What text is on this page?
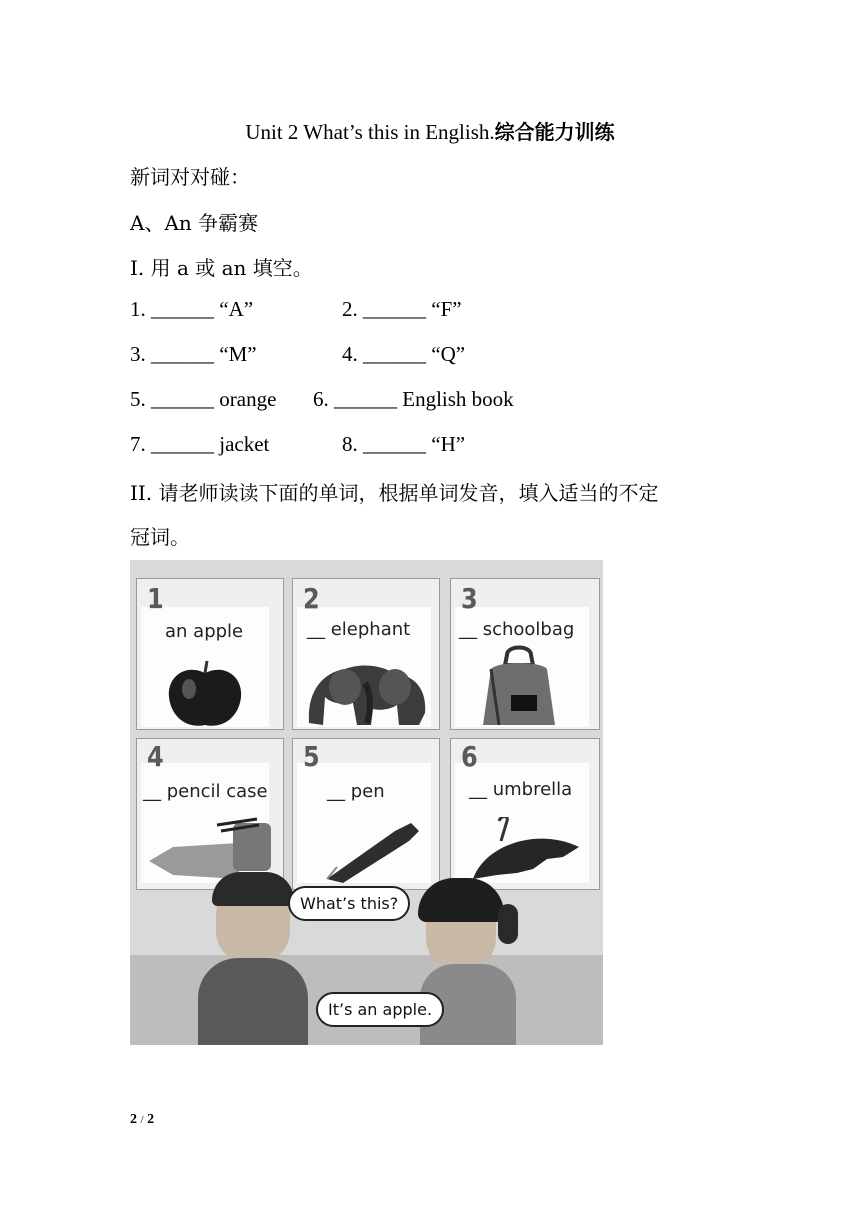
Unit 2 What’s this in English.综合能力训练
新词对对碰：
A、An 争霸赛
I. 用 a 或 an 填空。
1. ______ “A”	2. ______ “F”
3. ______ “M”	4. ______ “Q”
5. ______ orange 6. ______ English book
7. ______ jacket	8. ______ “H”
II. 请老师读读下面的单词，根据单词发音，填入适当的不定
冠词。
1
an apple
2
__ elephant
3
__ schoolbag
4
__ pencil case
5
__ pen
6
__ umbrella
What’s this?
It’s an apple.
2 / 2
